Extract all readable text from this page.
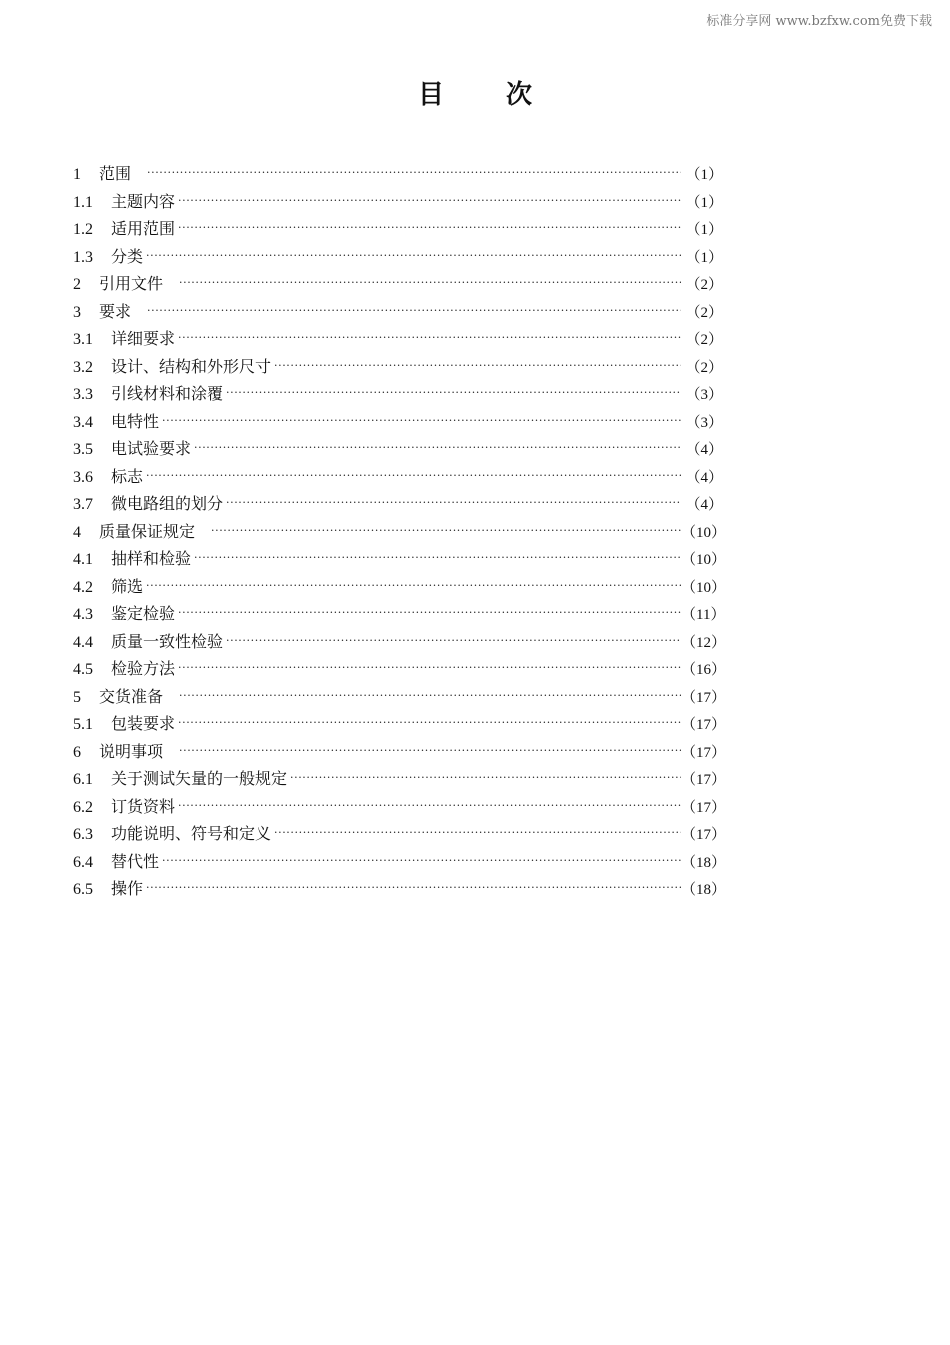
标准分享网 www.bzfxw.com免费下载
目 次
1	范围 ·····	（1）
1.1	主题内容 ·····	（1）
1.2	适用范围 ·····	（1）
1.3	分类 ·····	（1）
2	引用文件 ·····	（2）
3	要求 ·····	（2）
3.1	详细要求 ·····	（2）
3.2	设计、结构和外形尺寸 ·····	（2）
3.3	引线材料和涂覆 ·····	（3）
3.4	电特性 ·····	（3）
3.5	电试验要求 ·····	（4）
3.6	标志 ·····	（4）
3.7	微电路组的划分 ·····	（4）
4	质量保证规定 ·····	（10）
4.1	抽样和检验 ·····	（10）
4.2	筛选 ·····	（10）
4.3	鉴定检验 ·····	（11）
4.4	质量一致性检验 ·····	（12）
4.5	检验方法 ·····	（16）
5	交货准备 ·····	（17）
5.1	包装要求 ·····	（17）
6	说明事项 ·····	（17）
6.1	关于测试矢量的一般规定 ·····	（17）
6.2	订货资料 ·····	（17）
6.3	功能说明、符号和定义 ·····	（17）
6.4	替代性 ·····	（18）
6.5	操作 ·····	（18）
